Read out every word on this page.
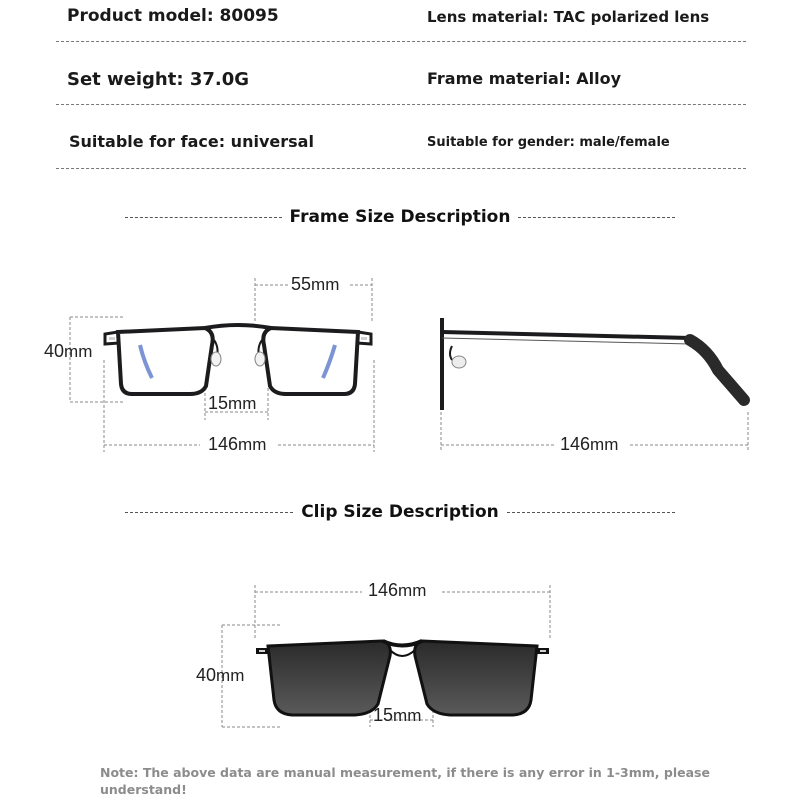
Product model: 80095	Lens material: TAC polarized lens
Set weight: 37.0G	Frame material: Alloy
Suitable for face: universal	Suitable for gender: male/female
Frame Size Description
Clip Size Description
55mm
40mm
15mm
146mm	146mm
146mm
40mm
15mm
Note: The above data are manual measurement, if there is any error in 1-3mm, please understand!
